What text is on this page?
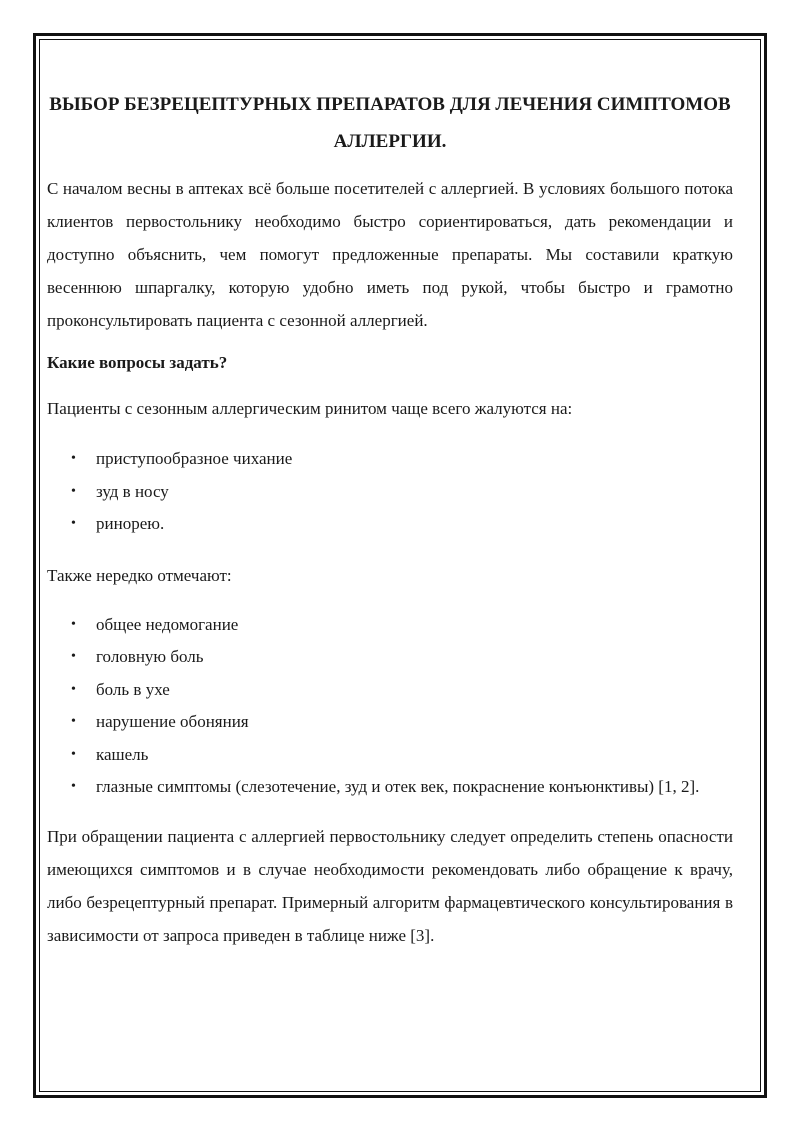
ВЫБОР БЕЗРЕЦЕПТУРНЫХ ПРЕПАРАТОВ ДЛЯ ЛЕЧЕНИЯ СИМПТОМОВ АЛЛЕРГИИ.

С началом весны в аптеках всё больше посетителей с аллергией. В условиях большого потока клиентов первостольнику необходимо быстро сориентироваться, дать рекомендации и доступно объяснить, чем помогут предложенные препараты. Мы составили краткую весеннюю шпаргалку, которую удобно иметь под рукой, чтобы быстро и грамотно проконсультировать пациента с сезонной аллергией.

Какие вопросы задать?

Пациенты с сезонным аллергическим ринитом чаще всего жалуются на:

• приступообразное чихание
• зуд в носу
• ринорею.

Также нередко отмечают:

• общее недомогание
• головную боль
• боль в ухе
• нарушение обоняния
• кашель
• глазные симптомы (слезотечение, зуд и отек век, покраснение конъюнктивы) [1, 2].

При обращении пациента с аллергией первостольнику следует определить степень опасности имеющихся симптомов и в случае необходимости рекомендовать либо обращение к врачу, либо безрецептурный препарат. Примерный алгоритм фармацевтического консультирования в зависимости от запроса приведен в таблице ниже [3].
